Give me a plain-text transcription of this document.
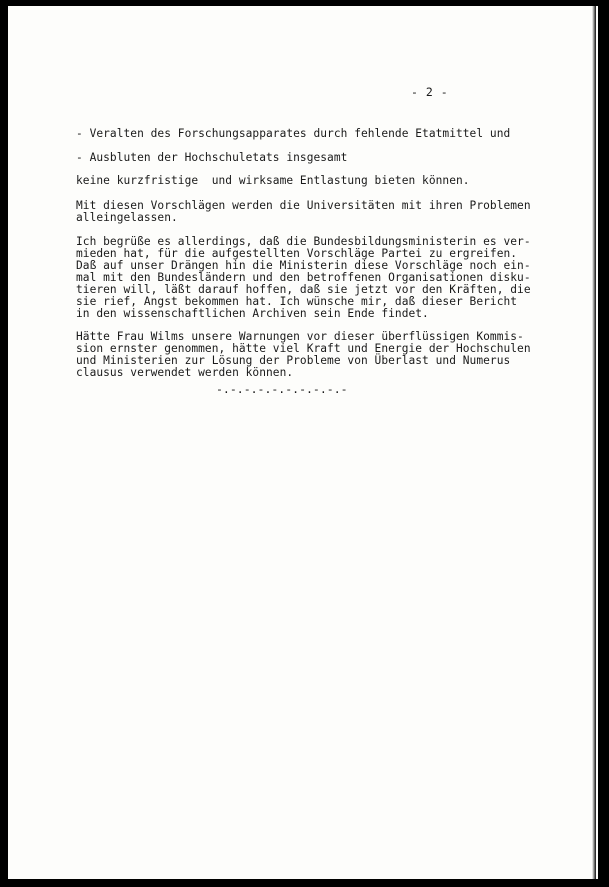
- 2 -
- Veralten des Forschungsapparates durch fehlende Etatmittel und
- Ausbluten der Hochschuletats insgesamt
keine kurzfristige  und wirksame Entlastung bieten können.
Mit diesen Vorschlägen werden die Universitäten mit ihren Problemen
alleingelassen.
Ich begrüße es allerdings, daß die Bundesbildungsministerin es ver-
mieden hat, für die aufgestellten Vorschläge Partei zu ergreifen.
Daß auf unser Drängen hin die Ministerin diese Vorschläge noch ein-
mal mit den Bundesländern und den betroffenen Organisationen disku-
tieren will, läßt darauf hoffen, daß sie jetzt vor den Kräften, die
sie rief, Angst bekommen hat. Ich wünsche mir, daß dieser Bericht
in den wissenschaftlichen Archiven sein Ende findet.
Hätte Frau Wilms unsere Warnungen vor dieser überflüssigen Kommis-
sion ernster genommen, hätte viel Kraft und Energie der Hochschulen
und Ministerien zur Lösung der Probleme von Überlast und Numerus
clausus verwendet werden können.
-.-.-.-.-.-.-.-.-.-
